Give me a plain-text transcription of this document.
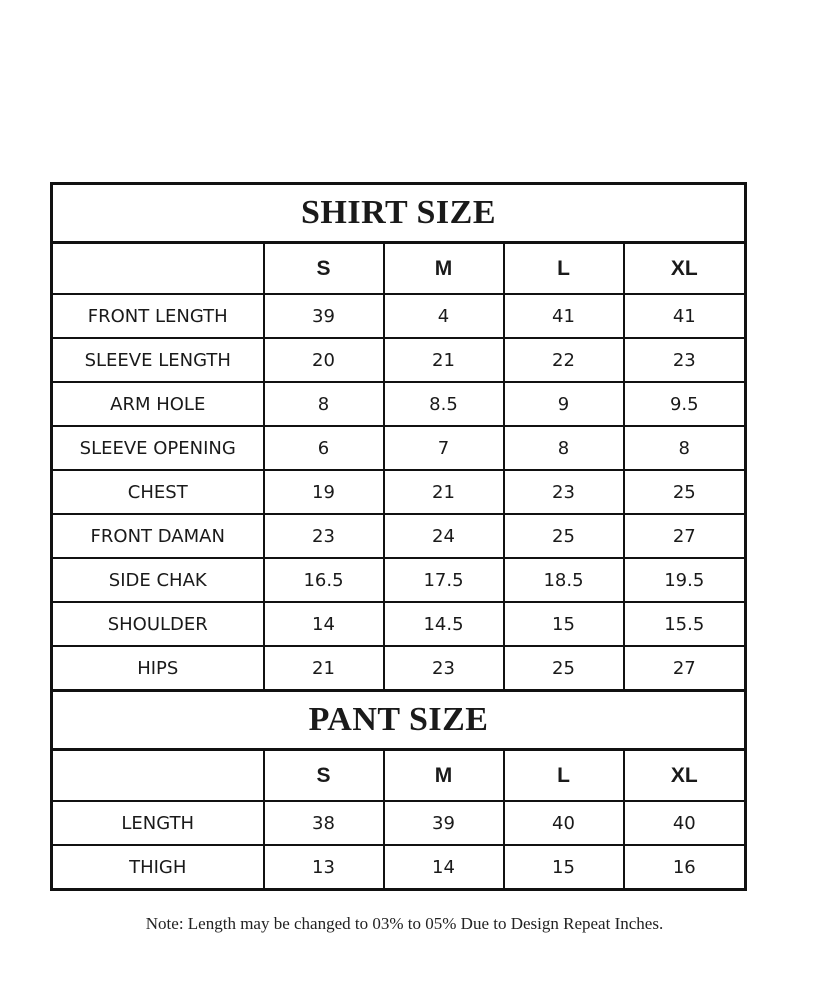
SHIRT SIZE				
	S	M	L	XL
FRONT LENGTH	39	4	41	41
SLEEVE LENGTH	20	21	22	23
ARM HOLE	8	8.5	9	9.5
SLEEVE OPENING	6	7	8	8
CHEST	19	21	23	25
FRONT DAMAN	23	24	25	27
SIDE CHAK	16.5	17.5	18.5	19.5
SHOULDER	14	14.5	15	15.5
HIPS	21	23	25	27
PANT SIZE				
	S	M	L	XL
LENGTH	38	39	40	40
THIGH	13	14	15	16
Note: Length may be changed to 03% to 05% Due to Design Repeat Inches.
